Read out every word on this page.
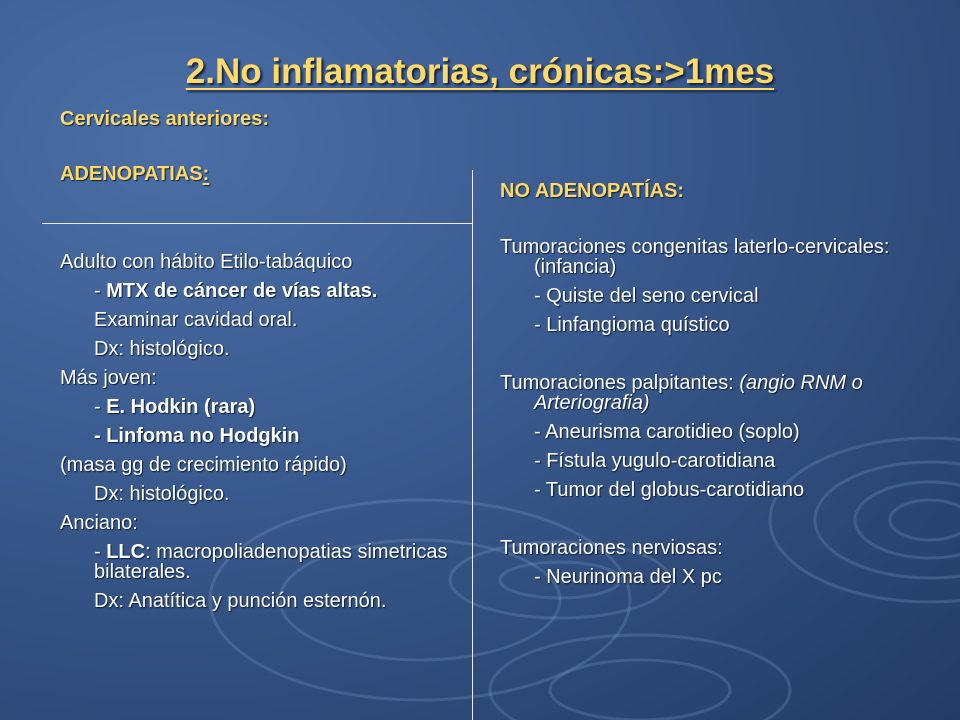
2.No inflamatorias, crónicas:>1mes
Cervicales anteriores:
ADENOPATIAS:
NO ADENOPATÍAS:
Adulto con hábito Etilo-tabáquico
- MTX de cáncer de vías altas.
Examinar cavidad oral.
Dx: histológico.
Más joven:
- E. Hodkin (rara)
- Linfoma no Hodgkin
(masa gg de crecimiento rápido)
Dx: histológico.
Anciano:
- LLC: macropoliadenopatias simetricas bilaterales.
Dx: Anatítica y punción esternón.
Tumoraciones congenitas laterlo-cervicales: (infancia)
- Quiste del seno cervical
- Linfangioma quístico
Tumoraciones palpitantes: (angio RNM o Arteriografia)
- Aneurisma carotidieo (soplo)
- Fístula yugulo-carotidiana
- Tumor del globus-carotidiano
Tumoraciones nerviosas:
- Neurinoma del X pc
